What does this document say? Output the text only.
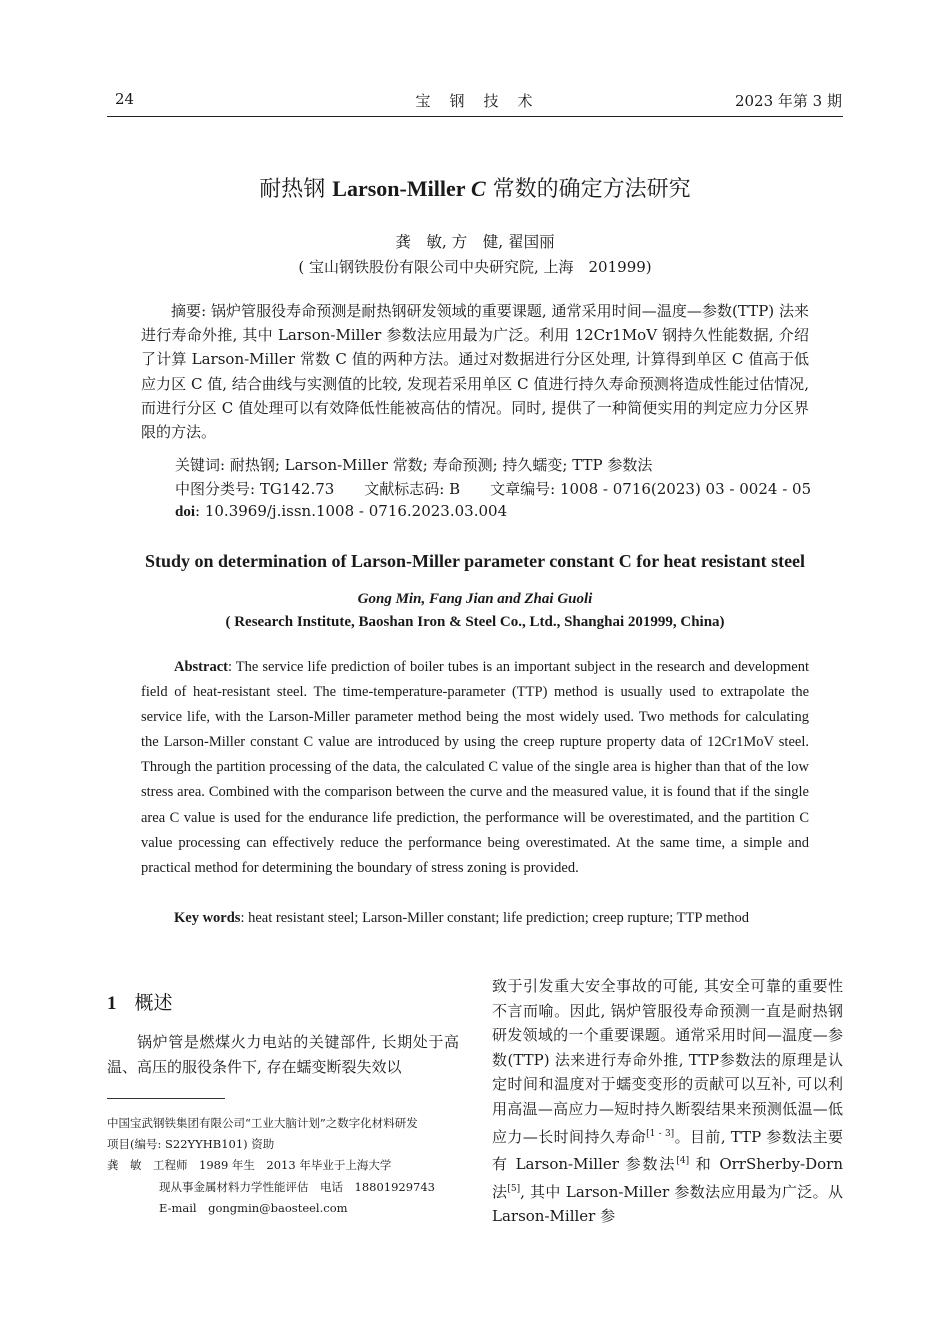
24	宝　钢　技　术	2023 年第 3 期
耐热钢 Larson-Miller C 常数的确定方法研究
龚　敏, 方　健, 翟国丽
( 宝山钢铁股份有限公司中央研究院, 上海　201999)
摘要: 锅炉管服役寿命预测是耐热钢研发领域的重要课题, 通常采用时间—温度—参数(TTP) 法来进行寿命外推, 其中 Larson-Miller 参数法应用最为广泛。利用 12Cr1MoV 钢持久性能数据, 介绍了计算 Larson-Miller 常数 C 值的两种方法。通过对数据进行分区处理, 计算得到单区 C 值高于低应力区 C 值, 结合曲线与实测值的比较, 发现若采用单区 C 值进行持久寿命预测将造成性能过估情况, 而进行分区 C 值处理可以有效降低性能被高估的情况。同时, 提供了一种简便实用的判定应力分区界限的方法。
关键词: 耐热钢; Larson-Miller 常数; 寿命预测; 持久蠕变; TTP 参数法
中图分类号: TG142.73　　文献标志码: B　　文章编号: 1008 - 0716(2023) 03 - 0024 - 05
doi: 10.3969/j.issn.1008 - 0716.2023.03.004
Study on determination of Larson-Miller parameter constant C for heat resistant steel
Gong Min, Fang Jian and Zhai Guoli
( Research Institute, Baoshan Iron & Steel Co., Ltd., Shanghai 201999, China)
Abstract: The service life prediction of boiler tubes is an important subject in the research and development field of heat-resistant steel. The time-temperature-parameter (TTP) method is usually used to extrapolate the service life, with the Larson-Miller parameter method being the most widely used. Two methods for calculating the Larson-Miller constant C value are introduced by using the creep rupture property data of 12Cr1MoV steel. Through the partition processing of the data, the calculated C value of the single area is higher than that of the low stress area. Combined with the comparison between the curve and the measured value, it is found that if the single area C value is used for the endurance life prediction, the performance will be overestimated, and the partition C value processing can effectively reduce the performance being overestimated. At the same time, a simple and practical method for determining the boundary of stress zoning is provided.
Key words: heat resistant steel; Larson-Miller constant; life prediction; creep rupture; TTP method
1 概述
锅炉管是燃煤火力电站的关键部件, 长期处于高温、高压的服役条件下, 存在蠕变断裂失效以
致于引发重大安全事故的可能, 其安全可靠的重要性不言而喻。因此, 锅炉管服役寿命预测一直是耐热钢研发领域的一个重要课题。通常采用时间—温度—参数(TTP) 法来进行寿命外推, TTP参数法的原理是认定时间和温度对于蠕变变形的贡献可以互补, 可以利用高温—高应力—短时持久断裂结果来预测低温—低应力—长时间持久寿命[1 - 3]。目前, TTP 参数法主要有 Larson-Miller 参数法[4] 和 OrrSherby-Dorn 法[5], 其中 Larson-Miller 参数法应用最为广泛。从 Larson-Miller 参
中国宝武钢铁集团有限公司“工业大脑计划”之数字化材料研发
项目(编号: S22YYHB101) 资助
龚　敏　工程师　1989 年生　2013 年毕业于上海大学
现从事金属材料力学性能评估　电话　18801929743
E-mail　gongmin@baosteel.com
